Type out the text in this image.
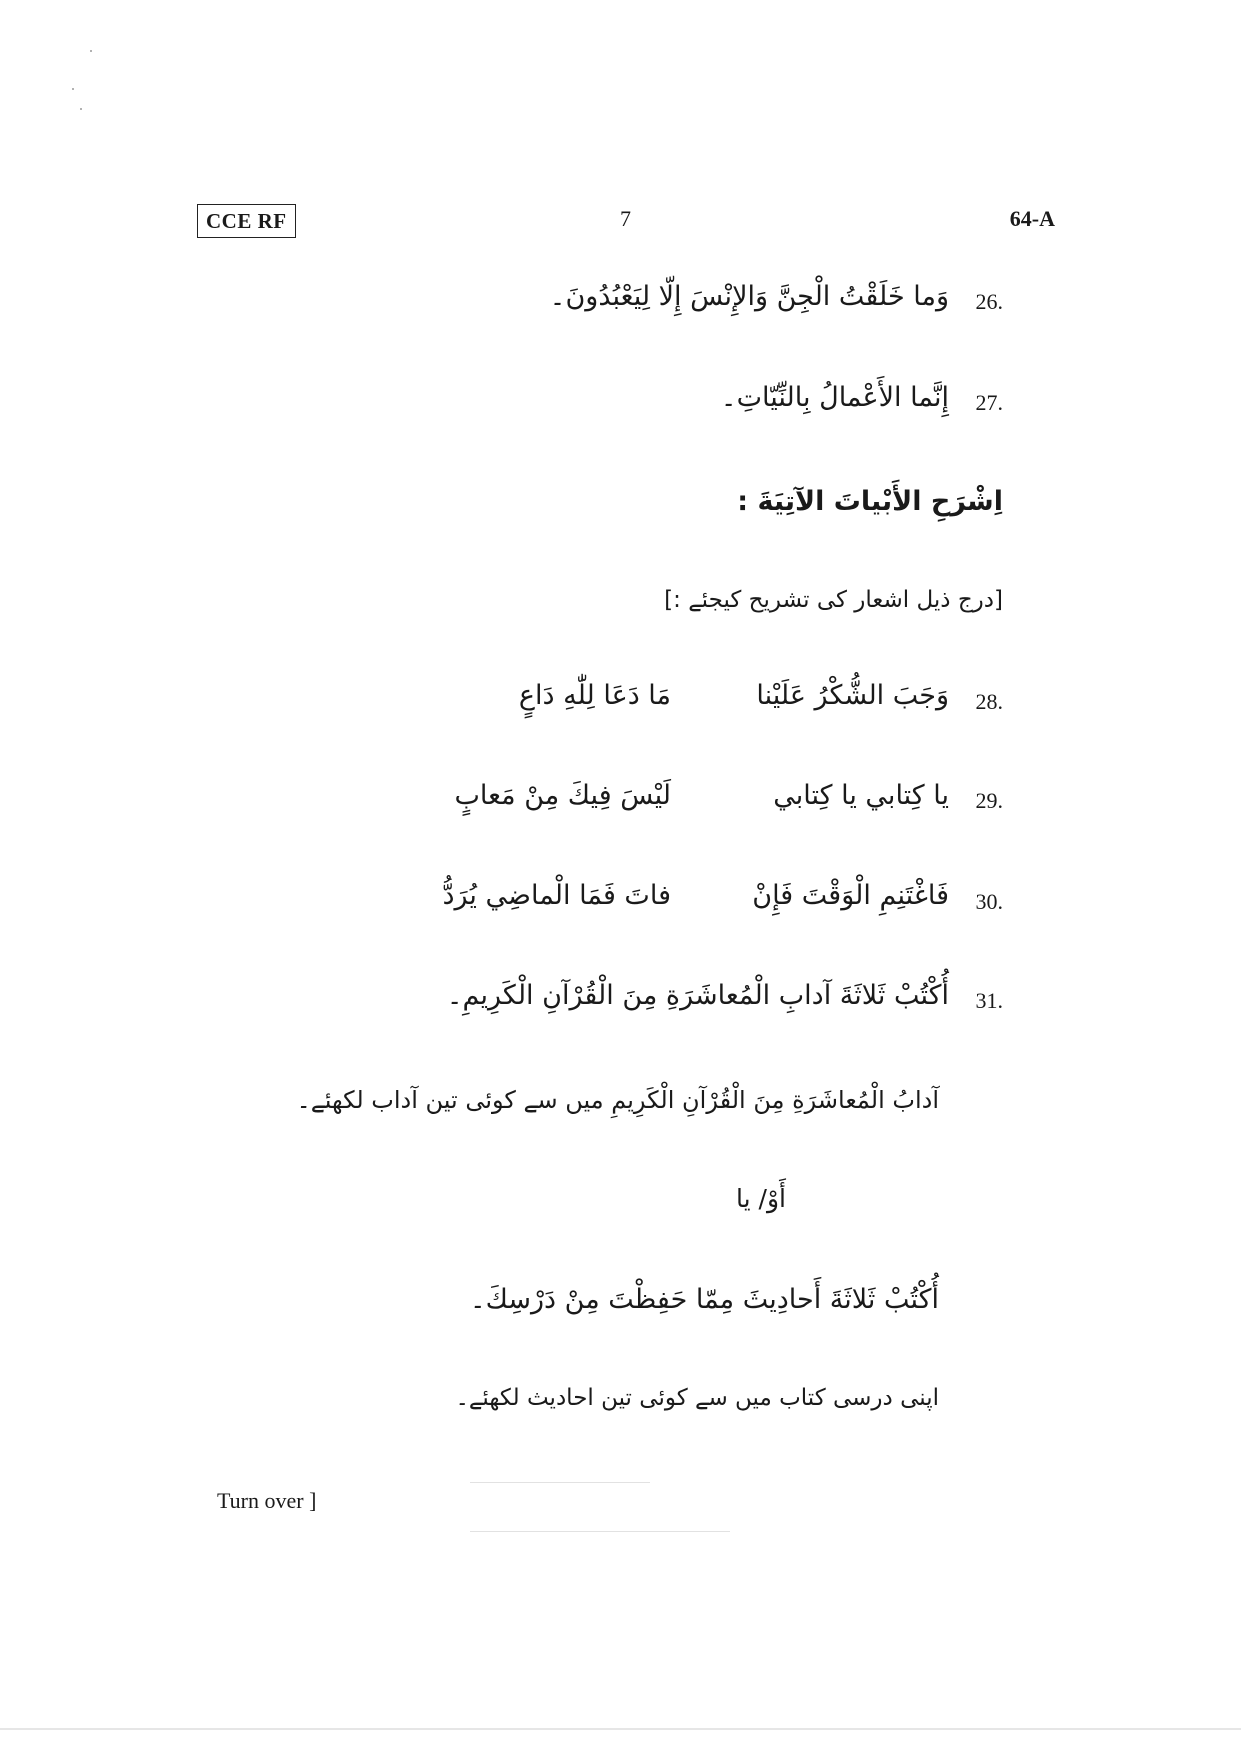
CCE RF	7	64-A
26.
وَما خَلَقْتُ الْجِنَّ وَالإِنْسَ إِلّا لِيَعْبُدُونَ۔
27.
إِنَّما الأَعْمالُ بِالنِّيّاتِ۔
اِشْرَحِ الأَبْياتَ الآتِيَةَ :
[درج ذیل اشعار کی تشریح کیجئے :]
28.
وَجَبَ الشُّكْرُ عَلَيْنا
مَا دَعَا لِلّٰهِ دَاعٍ
29.
يا كِتابي يا كِتابي
لَيْسَ فِيكَ مِنْ مَعابٍ
30.
فَاغْتَنِمِ الْوَقْتَ فَإِنْ
فاتَ فَمَا الْماضِي يُرَدُّ
31.
أُكْتُبْ ثَلاثَةَ آدابِ الْمُعاشَرَةِ مِنَ الْقُرْآنِ الْكَرِيمِ۔
آدابُ الْمُعاشَرَةِ مِنَ الْقُرْآنِ الْكَرِيمِ میں سے کوئی تین آداب لکھئے۔
أَوْ/ یا
أُكْتُبْ ثَلاثَةَ أَحادِيثَ مِمّا حَفِظْتَ مِنْ دَرْسِكَ۔
اپنی درسی کتاب میں سے کوئی تین احادیث لکھئے۔
Turn over ]
